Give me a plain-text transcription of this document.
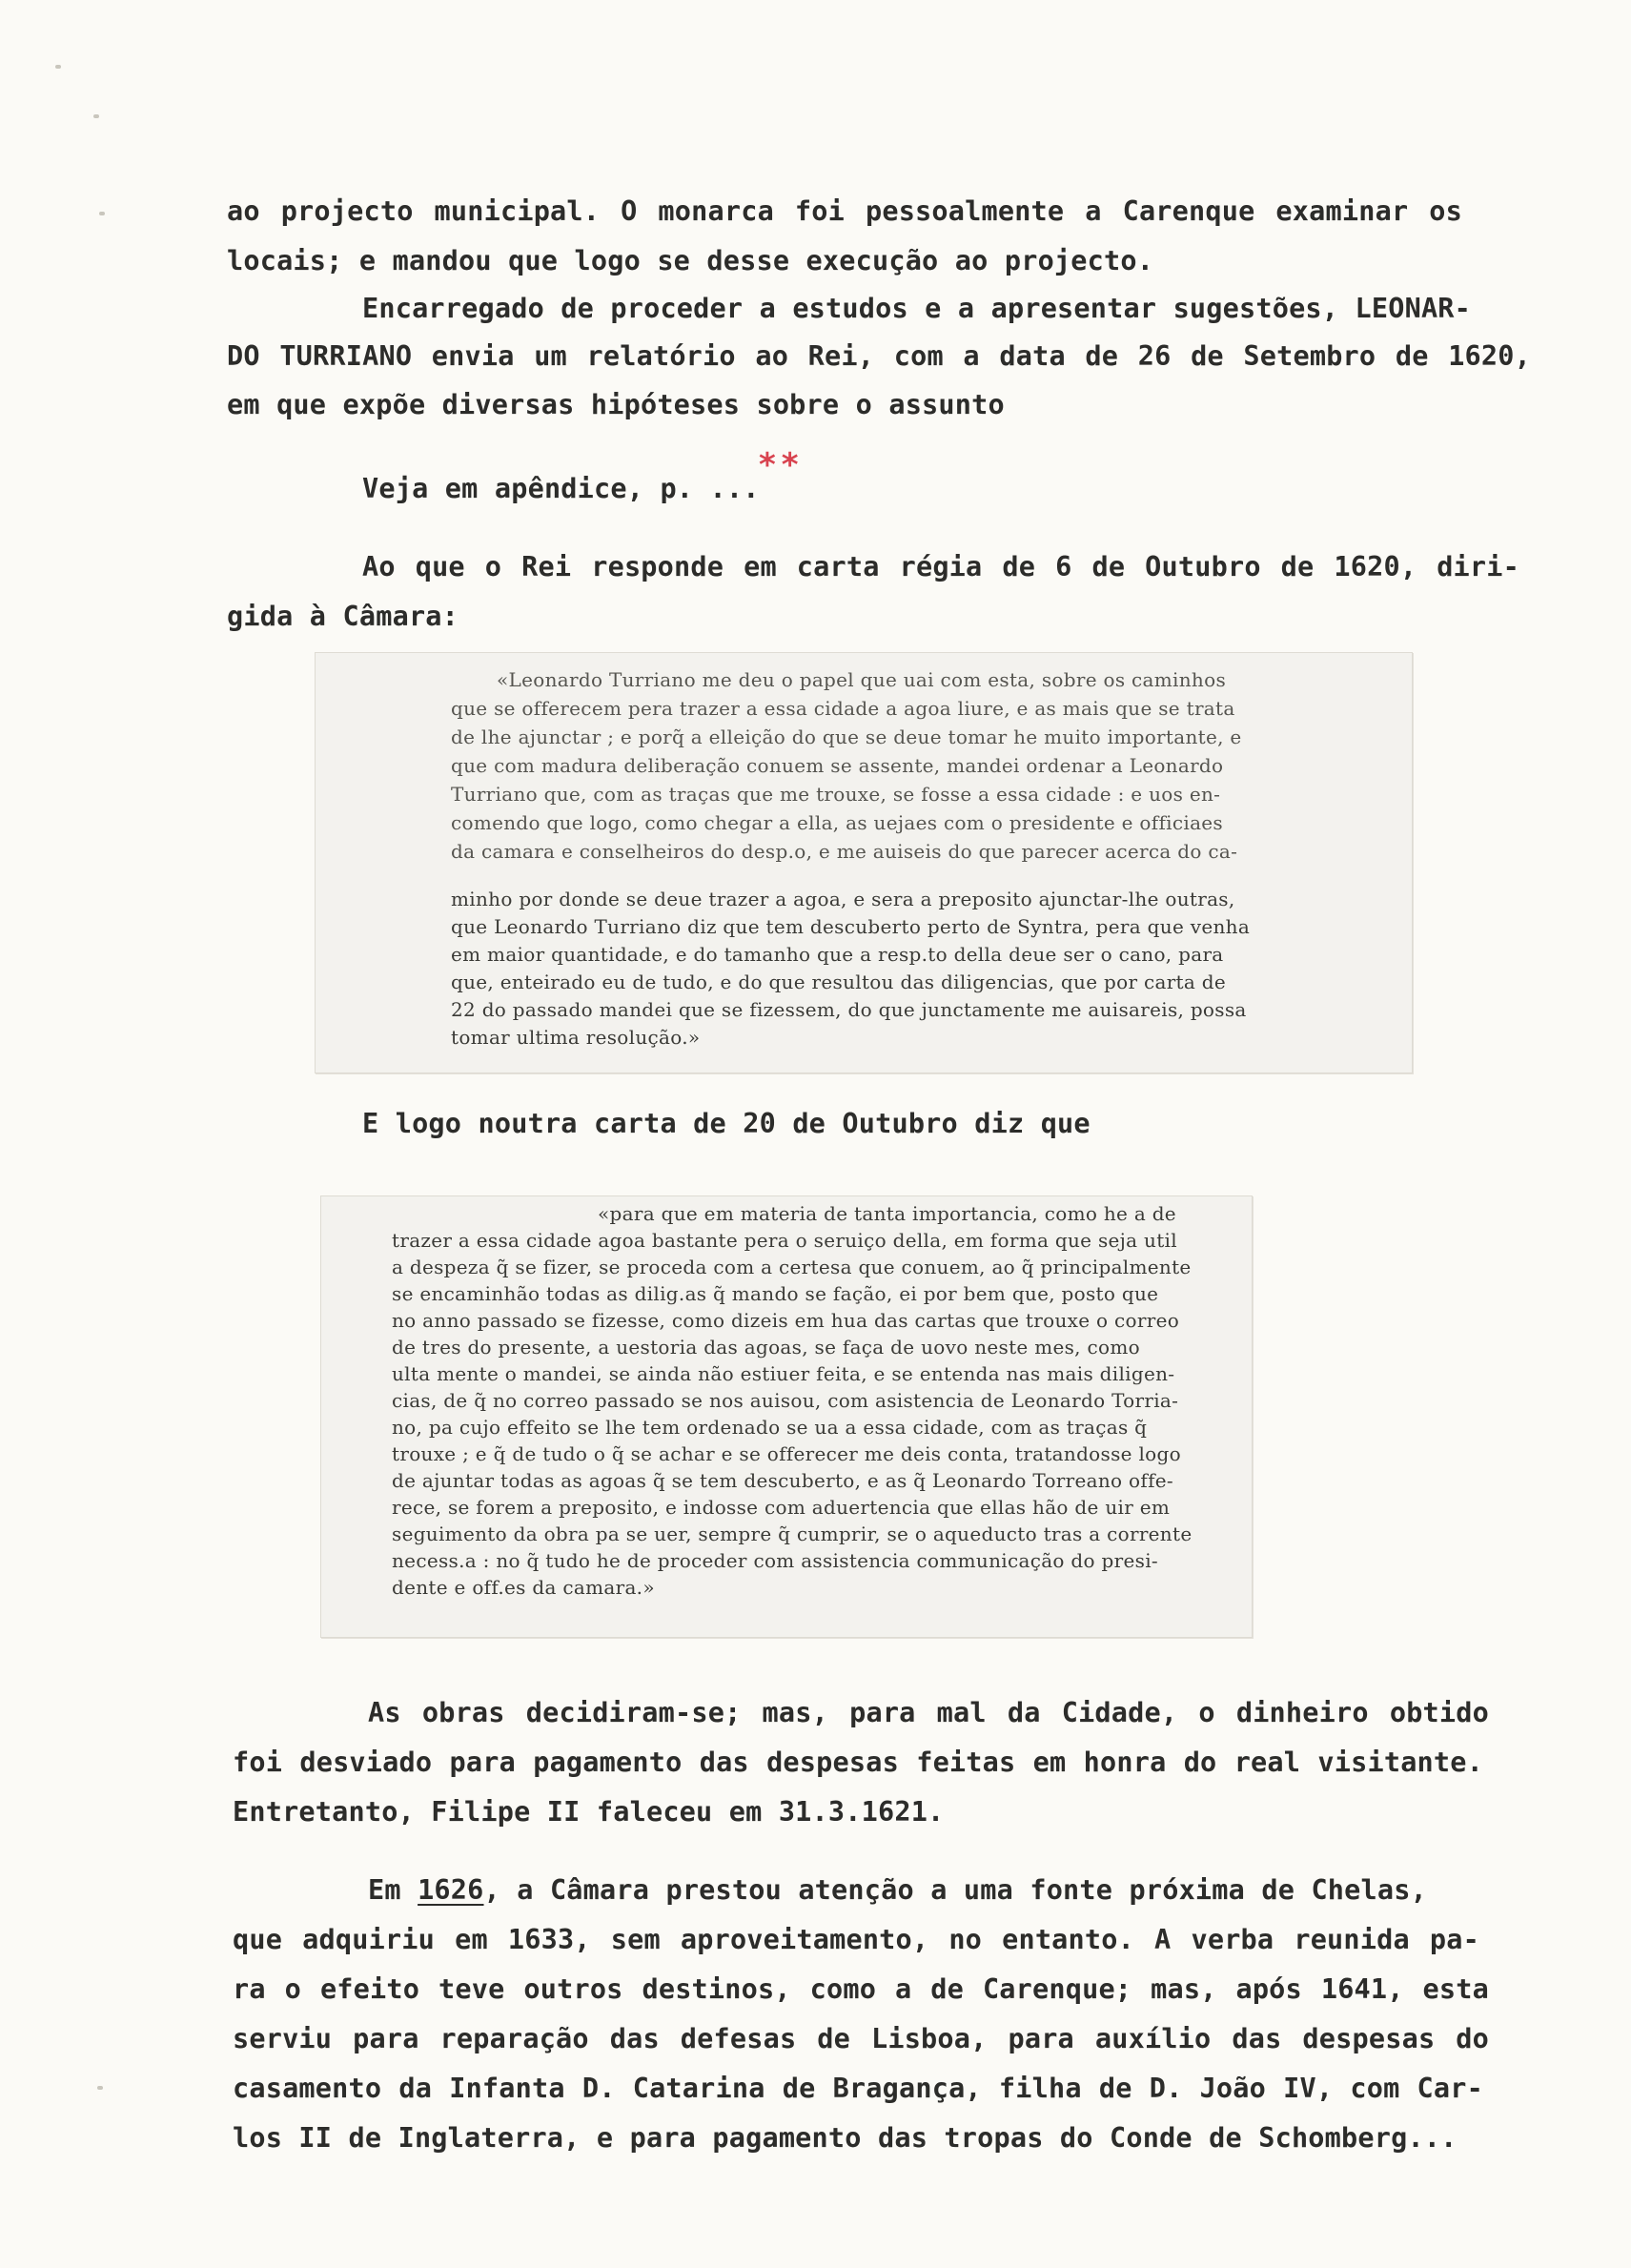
ao projecto municipal. O monarca foi pessoalmente a Carenque examinar os
locais; e mandou que logo se desse execução ao projecto.
Encarregado de proceder a estudos e a apresentar sugestões, LEONAR-
DO TURRIANO envia um relatório ao Rei, com a data de 26 de Setembro de 1620,
em que expõe diversas hipóteses sobre o assunto
Veja em apêndice, p. ...
**
Ao que o Rei responde em carta régia de 6 de Outubro de 1620, diri-
gida à Câmara:
«Leonardo Turriano me deu o papel que uai com esta, sobre os caminhos
que se offerecem pera trazer a essa cidade a agoa liure, e as mais que se trata
de lhe ajunctar ; e porq̃ a elleição do que se deue tomar he muito importante, e
que com madura deliberação conuem se assente, mandei ordenar a Leonardo
Turriano que, com as traças que me trouxe, se fosse a essa cidade : e uos en-
comendo que logo, como chegar a ella, as uejaes com o presidente e officiaes
da camara e conselheiros do desp.o, e me auiseis do que parecer acerca do ca-
minho por donde se deue trazer a agoa, e sera a preposito ajunctar-lhe outras,
que Leonardo Turriano diz que tem descuberto perto de Syntra, pera que venha
em maior quantidade, e do tamanho que a resp.to della deue ser o cano, para
que, enteirado eu de tudo, e do que resultou das diligencias, que por carta de
22 do passado mandei que se fizessem, do que junctamente me auisareis, possa
tomar ultima resolução.»
E logo noutra carta de 20 de Outubro diz que
«para que em materia de tanta importancia, como he a de
trazer a essa cidade agoa bastante pera o seruiço della, em forma que seja util
a despeza q̃ se fizer, se proceda com a certesa que conuem, ao q̃ principalmente
se encaminhão todas as dilig.as q̃ mando se fação, ei por bem que, posto que
no anno passado se fizesse, como dizeis em hua das cartas que trouxe o correo
de tres do presente, a uestoria das agoas, se faça de uovo neste mes, como
ulta mente o mandei, se ainda não estiuer feita, e se entenda nas mais diligen-
cias, de q̃ no correo passado se nos auisou, com asistencia de Leonardo Torria-
no, pa cujo effeito se lhe tem ordenado se ua a essa cidade, com as traças q̃
trouxe ; e q̃ de tudo o q̃ se achar e se offerecer me deis conta, tratandosse logo
de ajuntar todas as agoas q̃ se tem descuberto, e as q̃ Leonardo Torreano offe-
rece, se forem a preposito, e indosse com aduertencia que ellas hão de uir em
seguimento da obra pa se uer, sempre q̃ cumprir, se o aqueducto tras a corrente
necess.a : no q̃ tudo he de proceder com assistencia communicação do presi-
dente e off.es da camara.»
As obras decidiram-se; mas, para mal da Cidade, o dinheiro obtido
foi desviado para pagamento das despesas feitas em honra do real visitante.
Entretanto, Filipe II faleceu em 31.3.1621.
Em 1626, a Câmara prestou atenção a uma fonte próxima de Chelas,
que adquiriu em 1633, sem aproveitamento, no entanto. A verba reunida pa-
ra o efeito teve outros destinos, como a de Carenque; mas, após 1641, esta
serviu para reparação das defesas de Lisboa, para auxílio das despesas do
casamento da Infanta D. Catarina de Bragança, filha de D. João IV, com Car-
los II de Inglaterra, e para pagamento das tropas do Conde de Schomberg...
